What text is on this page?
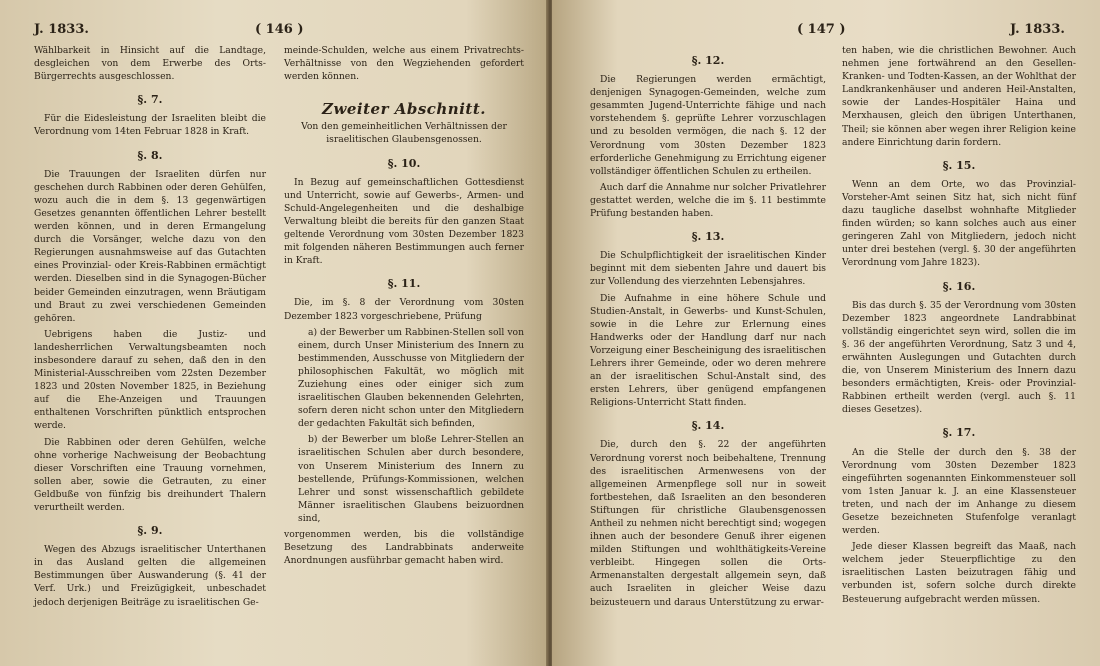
J. 1833.	( 146 )

Wählbarkeit in Hinsicht auf die Landtage, desgleichen von dem Erwerbe des Orts-Bürgerrechts ausgeschlossen.

§. 7.

Für die Eidesleistung der Israeliten bleibt die Verordnung vom 14ten Februar 1828 in Kraft.

§. 8.

Die Trauungen der Israeliten dürfen nur geschehen durch Rabbinen oder deren Gehülfen, wozu auch die in dem §. 13 gegenwärtigen Gesetzes genannten öffentlichen Lehrer bestellt werden können, und in deren Ermangelung durch die Vorsänger, welche dazu von den Regierungen ausnahmsweise auf das Gutachten eines Provinzial- oder Kreis-Rabbinen ermächtigt werden. Dieselben sind in die Synagogen-Bücher beider Gemeinden einzutragen, wenn Bräutigam und Braut zu zwei verschiedenen Gemeinden gehören.

Uebrigens haben die Justiz- und landesherrlichen Verwaltungsbeamten noch insbesondere darauf zu sehen, daß den in den Ministerial-Ausschreiben vom 22sten Dezember 1823 und 20sten November 1825, in Beziehung auf die Ehe-Anzeigen und Trauungen enthaltenen Vorschriften pünktlich entsprochen werde.

Die Rabbinen oder deren Gehülfen, welche ohne vorherige Nachweisung der Beobachtung dieser Vorschriften eine Trauung vornehmen, sollen aber, sowie die Getrauten, zu einer Geldbuße von fünfzig bis dreihundert Thalern verurtheilt werden.

§. 9.

Wegen des Abzugs israelitischer Unterthanen in das Ausland gelten die allgemeinen Bestimmungen über Auswanderung (§. 41 der Verf. Urk.) und Freizügigkeit, unbeschadet jedoch derjenigen Beiträge zu israelitischen Ge-

meinde-Schulden, welche aus einem Privatrechts-Verhältnisse von den Wegziehenden gefordert werden können.

Zweiter Abschnitt.
Von den gemeinheitlichen Verhältnissen der israelitischen Glaubensgenossen.
§. 10.

In Bezug auf gemeinschaftlichen Gottesdienst und Unterricht, sowie auf Gewerbs-, Armen- und Schuld-Angelegenheiten und die deshalbige Verwaltung bleibt die bereits für den ganzen Staat geltende Verordnung vom 30sten Dezember 1823 mit folgenden näheren Bestimmungen auch ferner in Kraft.

§. 11.

Die, im §. 8 der Verordnung vom 30sten Dezember 1823 vorgeschriebene, Prüfung

a) der Bewerber um Rabbinen-Stellen soll von einem, durch Unser Ministerium des Innern zu bestimmenden, Ausschusse von Mitgliedern der philosophischen Fakultät, wo möglich mit Zuziehung eines oder einiger sich zum israelitischen Glauben bekennenden Gelehrten, sofern deren nicht schon unter den Mitgliedern der gedachten Fakultät sich befinden,

b) der Bewerber um bloße Lehrer-Stellen an israelitischen Schulen aber durch besondere, von Unserem Ministerium des Innern zu bestellende, Prüfungs-Kommissionen, welchen Lehrer und sonst wissenschaftlich gebildete Männer israelitischen Glaubens beizuordnen sind,

vorgenommen werden, bis die vollständige Besetzung des Landrabbinats anderweite Anordnungen ausführbar gemacht haben wird.

( 147 )	J. 1833.
§. 12.

Die Regierungen werden ermächtigt, denjenigen Synagogen-Gemeinden, welche zum gesammten Jugend-Unterrichte fähige und nach vorstehendem §. geprüfte Lehrer vorzuschlagen und zu besolden vermögen, die nach §. 12 der Verordnung vom 30sten Dezember 1823 erforderliche Genehmigung zu Errichtung eigener vollständiger öffentlichen Schulen zu ertheilen.

Auch darf die Annahme nur solcher Privatlehrer gestattet werden, welche die im §. 11 bestimmte Prüfung bestanden haben.

§. 13.

Die Schulpflichtigkeit der israelitischen Kinder beginnt mit dem siebenten Jahre und dauert bis zur Vollendung des vierzehnten Lebensjahres.

Die Aufnahme in eine höhere Schule und Studien-Anstalt, in Gewerbs- und Kunst-Schulen, sowie in die Lehre zur Erlernung eines Handwerks oder der Handlung darf nur nach Vorzeigung einer Bescheinigung des israelitischen Lehrers ihrer Gemeinde, oder wo deren mehrere an der israelitischen Schul-Anstalt sind, des ersten Lehrers, über genügend empfangenen Religions-Unterricht Statt finden.

§. 14.

Die, durch den §. 22 der angeführten Verordnung vorerst noch beibehaltene, Trennung des israelitischen Armenwesens von der allgemeinen Armenpflege soll nur in soweit fortbestehen, daß Israeliten an den besonderen Stiftungen für christliche Glaubensgenossen Antheil zu nehmen nicht berechtigt sind; wogegen ihnen auch der besondere Genuß ihrer eigenen milden Stiftungen und wohlthätigkeits-Vereine verbleibt. Hingegen sollen die Orts-Armenanstalten dergestalt allgemein seyn, daß auch Israeliten in gleicher Weise dazu beizusteuern und daraus Unterstützung zu erwar-

ten haben, wie die christlichen Bewohner. Auch nehmen jene fortwährend an den Gesellen-Kranken- und Todten-Kassen, an der Wohlthat der Landkrankenhäuser und anderen Heil-Anstalten, sowie der Landes-Hospitäler Haina und Merxhausen, gleich den übrigen Unterthanen, Theil; sie können aber wegen ihrer Religion keine andere Einrichtung darin fordern.

§. 15.

Wenn an dem Orte, wo das Provinzial-Vorsteher-Amt seinen Sitz hat, sich nicht fünf dazu taugliche daselbst wohnhafte Mitglieder finden würden; so kann solches auch aus einer geringeren Zahl von Mitgliedern, jedoch nicht unter drei bestehen (vergl. §. 30 der angeführten Verordnung vom Jahre 1823).

§. 16.

Bis das durch §. 35 der Verordnung vom 30sten Dezember 1823 angeordnete Landrabbinat vollständig eingerichtet seyn wird, sollen die im §. 36 der angeführten Verordnung, Satz 3 und 4, erwähnten Auslegungen und Gutachten durch die, von Unserem Ministerium des Innern dazu besonders ermächtigten, Kreis- oder Provinzial-Rabbinen ertheilt werden (vergl. auch §. 11 dieses Gesetzes).

§. 17.

An die Stelle der durch den §. 38 der Verordnung vom 30sten Dezember 1823 eingeführten sogenannten Einkommensteuer soll vom 1sten Januar k. J. an eine Klassensteuer treten, und nach der im Anhange zu diesem Gesetze bezeichneten Stufenfolge veranlagt werden.

Jede dieser Klassen begreift das Maaß, nach welchem jeder Steuerpflichtige zu den israelitischen Lasten beizutragen fähig und verbunden ist, sofern solche durch direkte Besteuerung aufgebracht werden müssen.
